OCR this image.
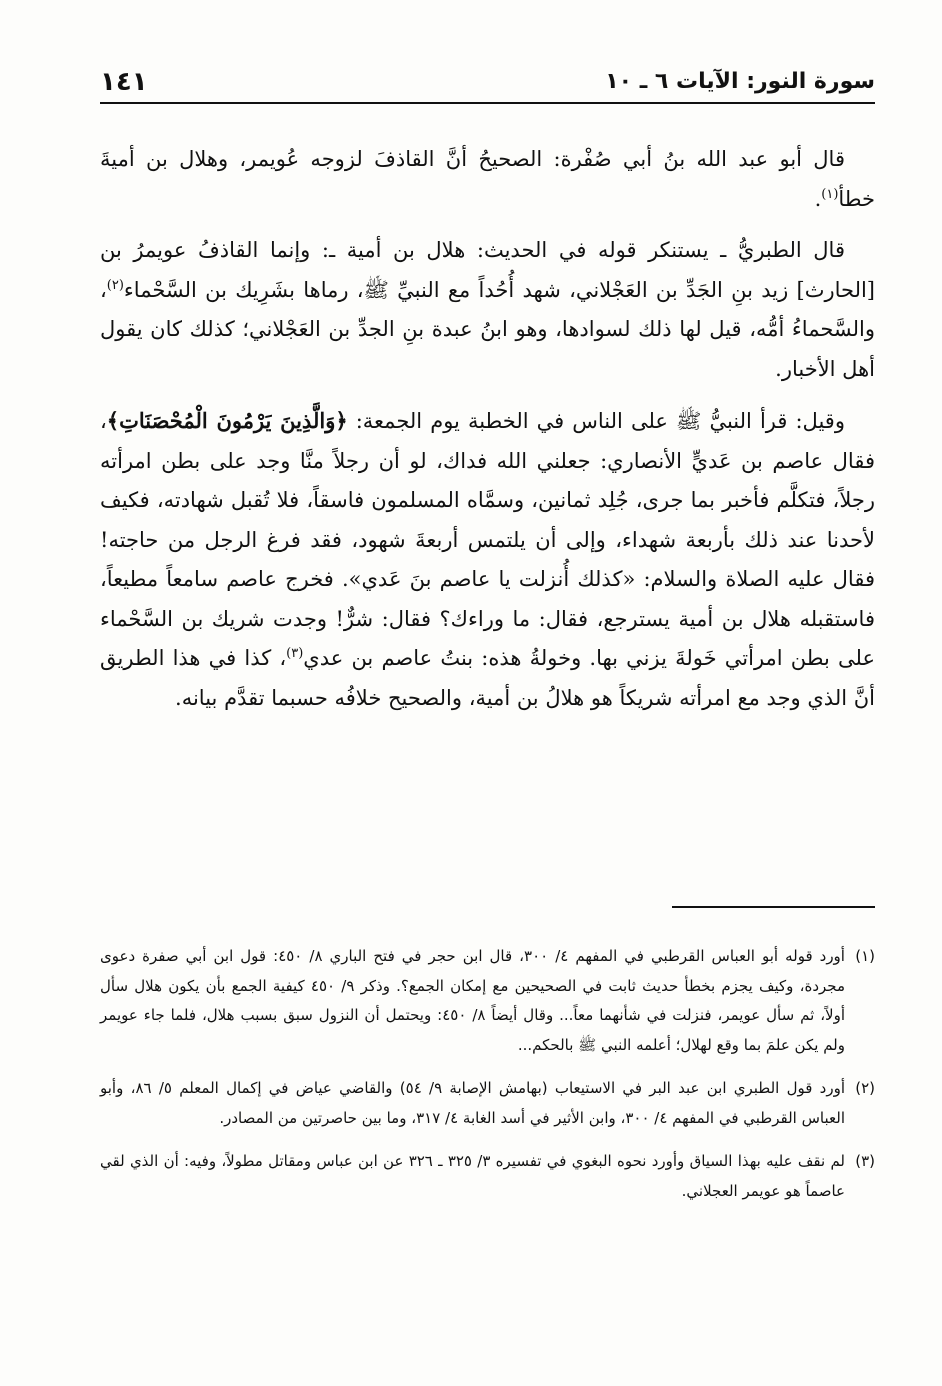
سورة النور: الآيات ٦ ـ ١٠
١٤١

قال أبو عبد الله بنُ أبي صُفْرة: الصحيحُ أنَّ القاذفَ لزوجه عُويمر، وهلال بن أميةَ خطأ$^{(١)}$.

قال الطبريُّ ـ يستنكر قوله في الحديث: هلال بن أمية ـ: وإنما القاذفُ عويمرُ بن [الحارث] زيد بنِ الجَدِّ بن العَجْلاني، شهد أُحُداً مع النبيِّ ﷺ، رماها بشَرِيك بن السَّحْماء$^{(٢)}$، والسَّحماءُ أمُّه، قيل لها ذلك لسوادها، وهو ابنُ عبدة بنِ الجدِّ بن العَجْلاني؛ كذلك كان يقول أهل الأخبار.

وقيل: قرأ النبيُّ ﷺ على الناس في الخطبة يوم الجمعة: ﴿وَالَّذِينَ يَرْمُونَ الْمُحْصَنَاتِ﴾، فقال عاصم بن عَديٍّ الأنصاري: جعلني الله فداك، لو أن رجلاً منَّا وجد على بطن امرأته رجلاً، فتكلَّم فأخبر بما جرى، جُلِد ثمانين، وسمَّاه المسلمون فاسقاً، فلا تُقبل شهادته، فكيف لأحدنا عند ذلك بأربعة شهداء، وإلى أن يلتمس أربعةَ شهود، فقد فرغ الرجل من حاجته! فقال عليه الصلاة والسلام: «كذلك أُنزلت يا عاصم بنَ عَدي». فخرج عاصم سامعاً مطيعاً، فاستقبله هلال بن أمية يسترجع، فقال: ما وراءك؟ فقال: شرٌّ! وجدت شريك بن السَّحْماء على بطن امرأتي خَولةَ يزني بها. وخولةُ هذه: بنتُ عاصم بن عدي$^{(٣)}$، كذا في هذا الطريق أنَّ الذي وجد مع امرأته شريكاً هو هلالُ بن أمية، والصحيح خلافُه حسبما تقدَّم بيانه.

(١)
أورد قوله أبو العباس القرطبي في المفهم ٤/ ٣٠٠، قال ابن حجر في فتح الباري ٨/ ٤٥٠: قول ابن أبي صفرة دعوى مجردة، وكيف يجزم بخطأ حديث ثابت في الصحيحين مع إمكان الجمع؟. وذكر ٩/ ٤٥٠ كيفية الجمع بأن يكون هلال سأل أولاً، ثم سأل عويمر، فنزلت في شأنهما معاً... وقال أيضاً ٨/ ٤٥٠: ويحتمل أن النزول سبق بسبب هلال، فلما جاء عويمر ولم يكن علمَ بما وقع لهلال؛ أعلمه النبي ﷺ بالحكم...
(٢)
أورد قول الطبري ابن عبد البر في الاستيعاب (بهامش الإصابة ٩/ ٥٤) والقاضي عياض في إكمال المعلم ٥/ ٨٦، وأبو العباس القرطبي في المفهم ٤/ ٣٠٠، وابن الأثير في أسد الغابة ٤/ ٣١٧، وما بين حاصرتين من المصادر.
(٣)
لم نقف عليه بهذا السياق وأورد نحوه البغوي في تفسيره ٣/ ٣٢٥ ـ ٣٢٦ عن ابن عباس ومقاتل مطولاً، وفيه: أن الذي لقي عاصماً هو عويمر العجلاني.
